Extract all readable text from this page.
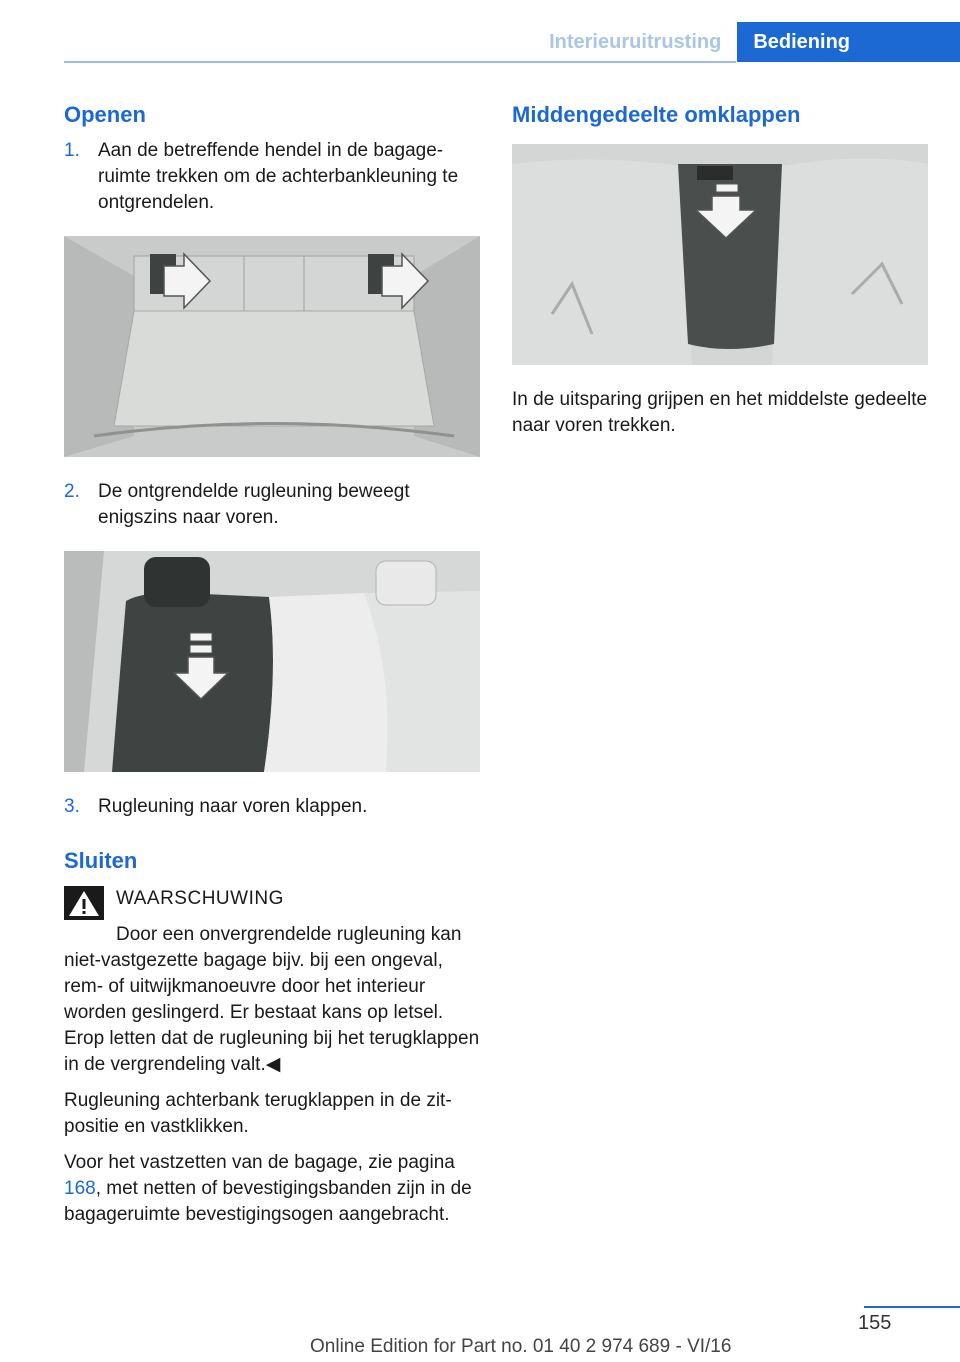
Interieuruitrusting	Bediening
Openen
1. Aan de betreffende hendel in de bagageruimte trekken om de achterbankleuning te ontgrendelen.
2. De ontgrendelde rugleuning beweegt enigszins naar voren.
3. Rugleuning naar voren klappen.
Sluiten
WAARSCHUWING

Door een onvergrendelde rugleuning kan niet-vastgezette bagage bijv. bij een ongeval, rem- of uitwijkmanoeuvre door het interieur worden geslingerd. Er bestaat kans op letsel. Erop letten dat de rugleuning bij het terugklappen in de vergrendeling valt.◀

Rugleuning achterbank terugklappen in de zitpositie en vastklikken.

Voor het vastzetten van de bagage, zie pagina 168, met netten of bevestigingsbanden zijn in de bagageruimte bevestigingsogen aangebracht.

Middengedeelte omklappen

In de uitsparing grijpen en het middelste gedeelte naar voren trekken.

155
Online Edition for Part no. 01 40 2 974 689 - VI/16
